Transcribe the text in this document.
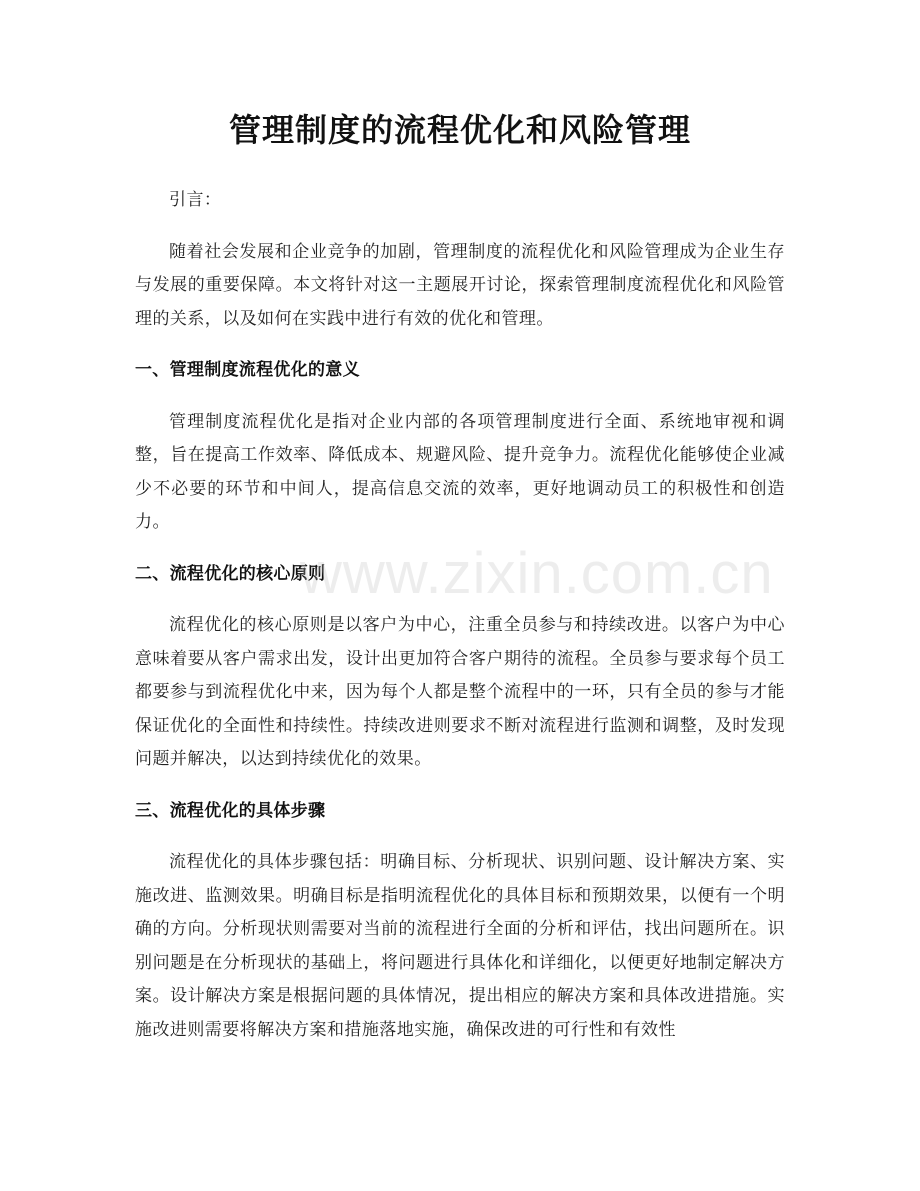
管理制度的流程优化和风险管理

引言：

随着社会发展和企业竞争的加剧，管理制度的流程优化和风险管理成为企业生存与发展的重要保障。本文将针对这一主题展开讨论，探索管理制度流程优化和风险管理的关系，以及如何在实践中进行有效的优化和管理。

一、管理制度流程优化的意义

管理制度流程优化是指对企业内部的各项管理制度进行全面、系统地审视和调整，旨在提高工作效率、降低成本、规避风险、提升竞争力。流程优化能够使企业减少不必要的环节和中间人，提高信息交流的效率，更好地调动员工的积极性和创造力。

二、流程优化的核心原则

流程优化的核心原则是以客户为中心，注重全员参与和持续改进。以客户为中心意味着要从客户需求出发，设计出更加符合客户期待的流程。全员参与要求每个员工都要参与到流程优化中来，因为每个人都是整个流程中的一环，只有全员的参与才能保证优化的全面性和持续性。持续改进则要求不断对流程进行监测和调整，及时发现问题并解决，以达到持续优化的效果。

三、流程优化的具体步骤

流程优化的具体步骤包括：明确目标、分析现状、识别问题、设计解决方案、实施改进、监测效果。明确目标是指明流程优化的具体目标和预期效果，以便有一个明确的方向。分析现状则需要对当前的流程进行全面的分析和评估，找出问题所在。识别问题是在分析现状的基础上，将问题进行具体化和详细化，以便更好地制定解决方案。设计解决方案是根据问题的具体情况，提出相应的解决方案和具体改进措施。实施改进则需要将解决方案和措施落地实施，确保改进的可行性和有效性

www.zixin.com.cn
